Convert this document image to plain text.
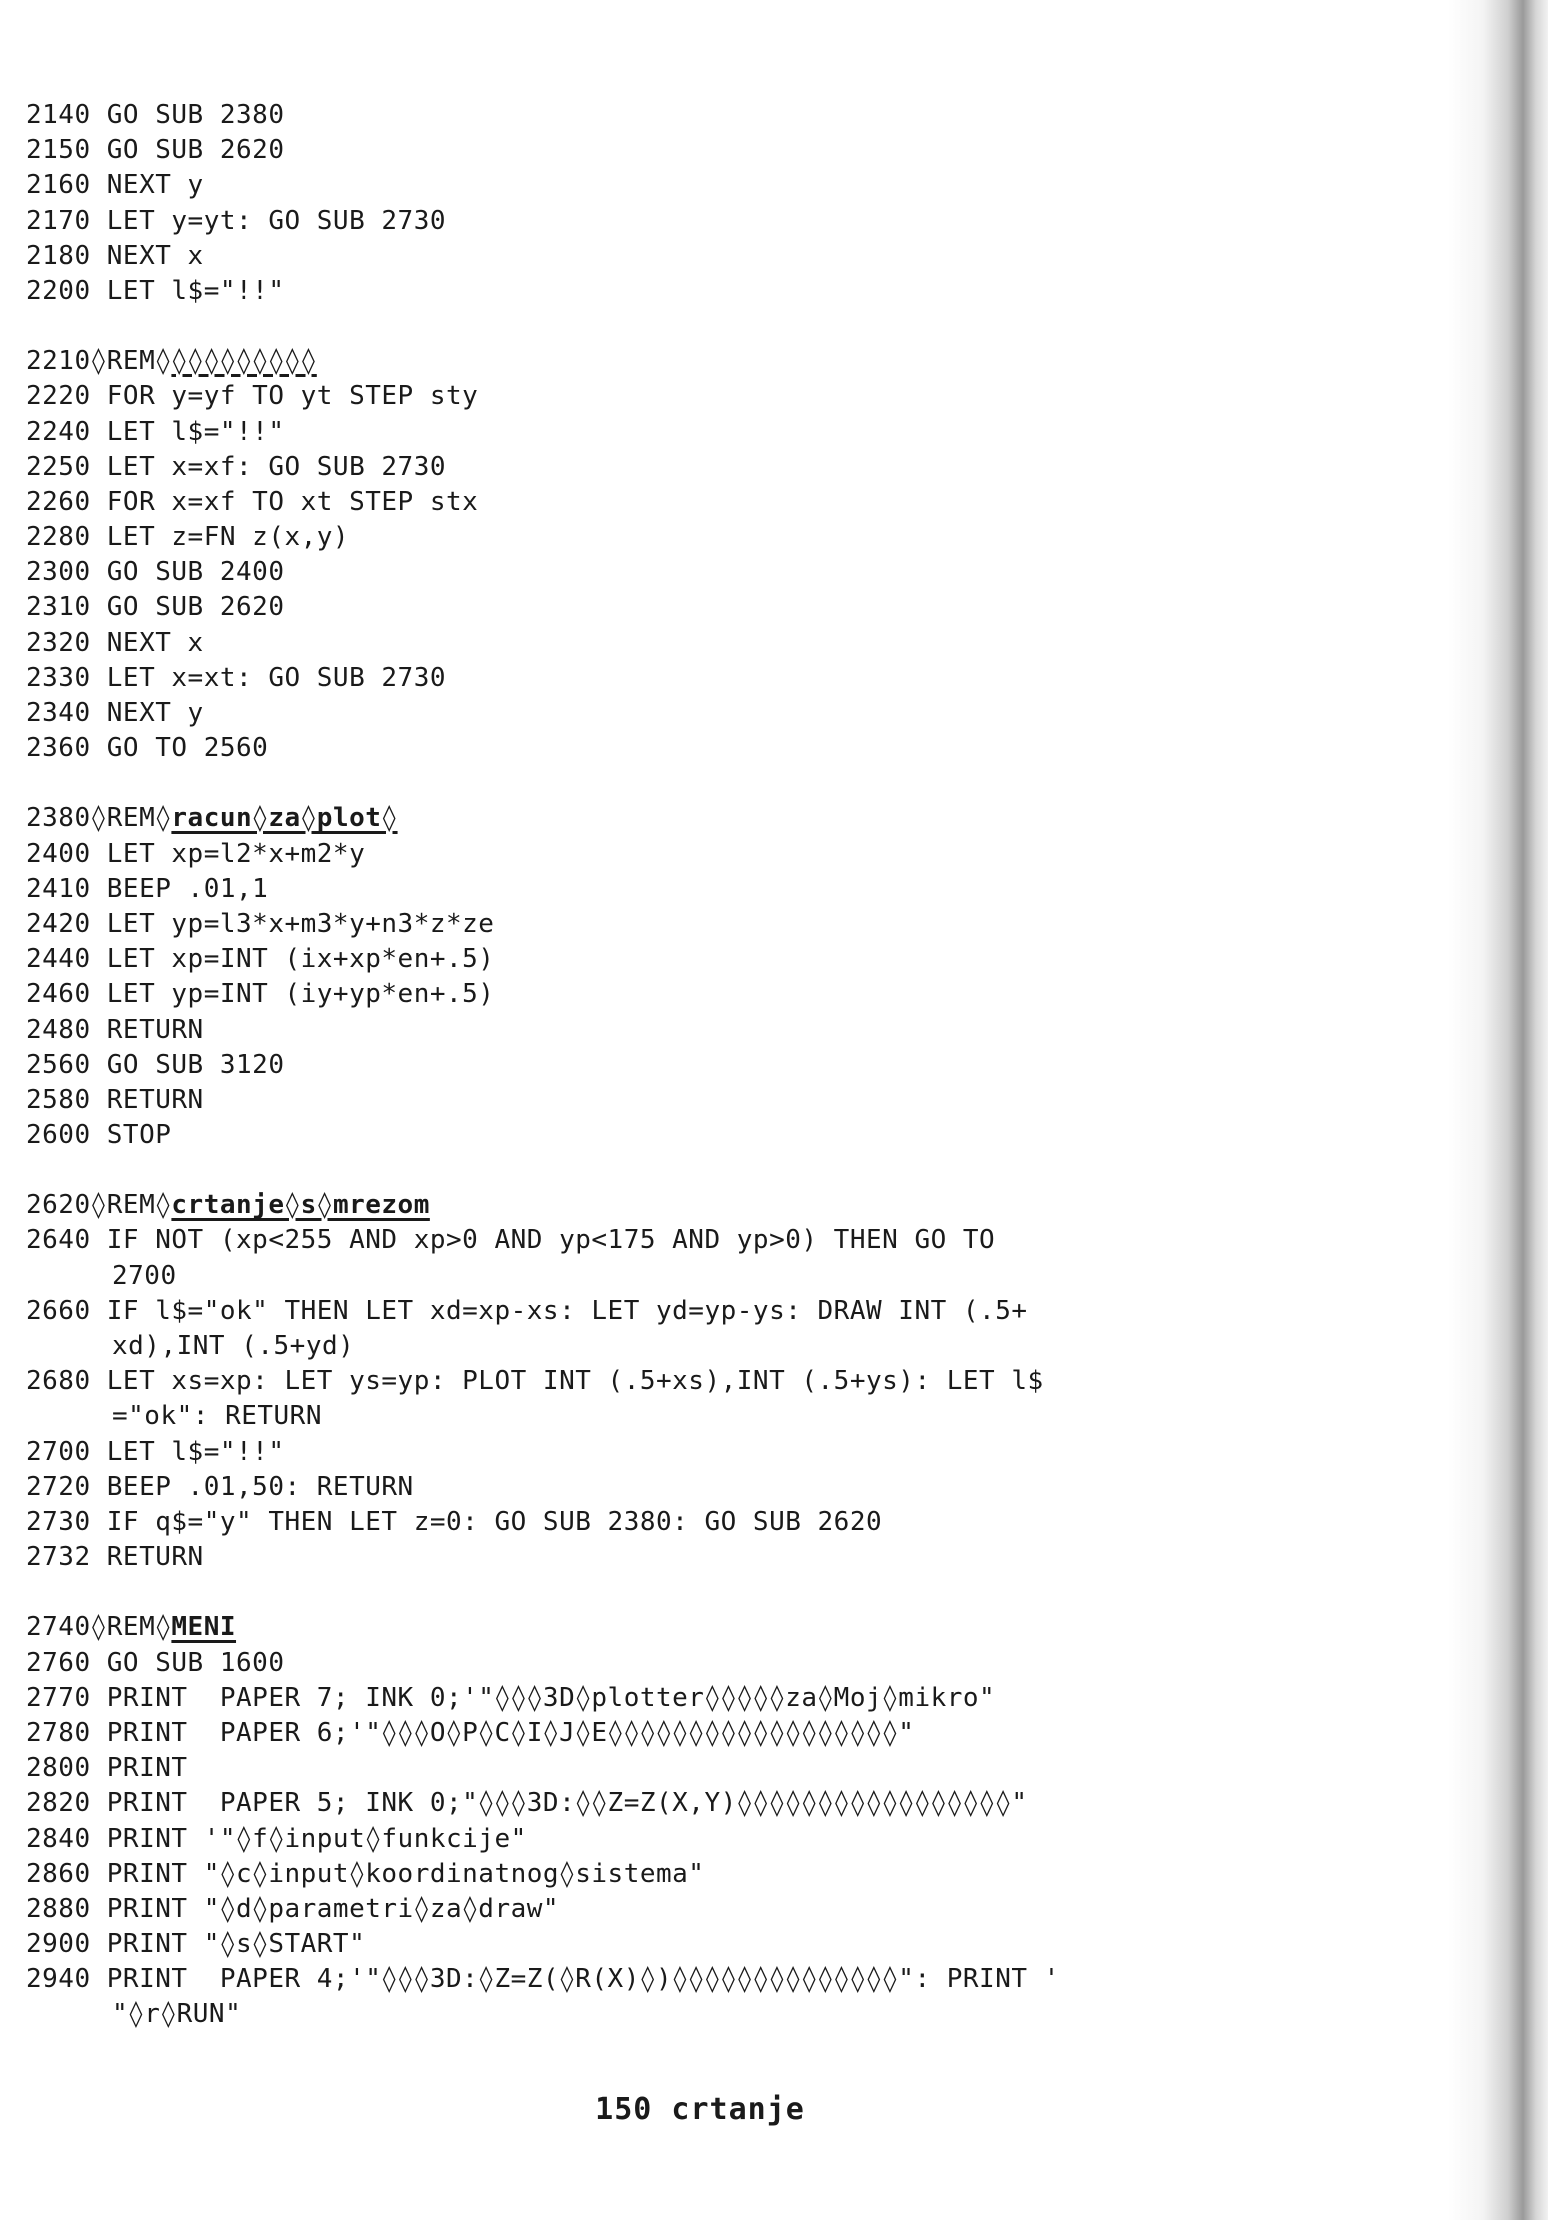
2140 GO SUB 2380
2150 GO SUB 2620
2160 NEXT y
2170 LET y=yt: GO SUB 2730
2180 NEXT x
2200 LET l$="!!"
2210◊REM◊◊◊◊◊◊◊◊◊◊
2220 FOR y=yf TO yt STEP sty
2240 LET l$="!!"
2250 LET x=xf: GO SUB 2730
2260 FOR x=xf TO xt STEP stx
2280 LET z=FN z(x,y)
2300 GO SUB 2400
2310 GO SUB 2620
2320 NEXT x
2330 LET x=xt: GO SUB 2730
2340 NEXT y
2360 GO TO 2560
2380◊REM◊racun◊za◊plot◊
2400 LET xp=l2*x+m2*y
2410 BEEP .01,1
2420 LET yp=l3*x+m3*y+n3*z*ze
2440 LET xp=INT (ix+xp*en+.5)
2460 LET yp=INT (iy+yp*en+.5)
2480 RETURN
2560 GO SUB 3120
2580 RETURN
2600 STOP
2620◊REM◊crtanje◊s◊mrezom
2640 IF NOT (xp<255 AND xp>0 AND yp<175 AND yp>0) THEN GO TO
2700
2660 IF l$="ok" THEN LET xd=xp-xs: LET yd=yp-ys: DRAW INT (.5+
xd),INT (.5+yd)
2680 LET xs=xp: LET ys=yp: PLOT INT (.5+xs),INT (.5+ys): LET l$
="ok": RETURN
2700 LET l$="!!"
2720 BEEP .01,50: RETURN
2730 IF q$="y" THEN LET z=0: GO SUB 2380: GO SUB 2620
2732 RETURN
2740◊REM◊MENI
2760 GO SUB 1600
2770 PRINT  PAPER 7; INK 0;'"◊◊◊3D◊plotter◊◊◊◊◊za◊Moj◊mikro"
2780 PRINT  PAPER 6;'"◊◊◊O◊P◊C◊I◊J◊E◊◊◊◊◊◊◊◊◊◊◊◊◊◊◊◊◊◊"
2800 PRINT
2820 PRINT  PAPER 5; INK 0;"◊◊◊3D:◊◊Z=Z(X,Y)◊◊◊◊◊◊◊◊◊◊◊◊◊◊◊◊◊"
2840 PRINT '"◊f◊input◊funkcije"
2860 PRINT "◊c◊input◊koordinatnog◊sistema"
2880 PRINT "◊d◊parametri◊za◊draw"
2900 PRINT "◊s◊START"
2940 PRINT  PAPER 4;'"◊◊◊3D:◊Z=Z(◊R(X)◊)◊◊◊◊◊◊◊◊◊◊◊◊◊◊": PRINT '
"◊r◊RUN"
150 crtanje
